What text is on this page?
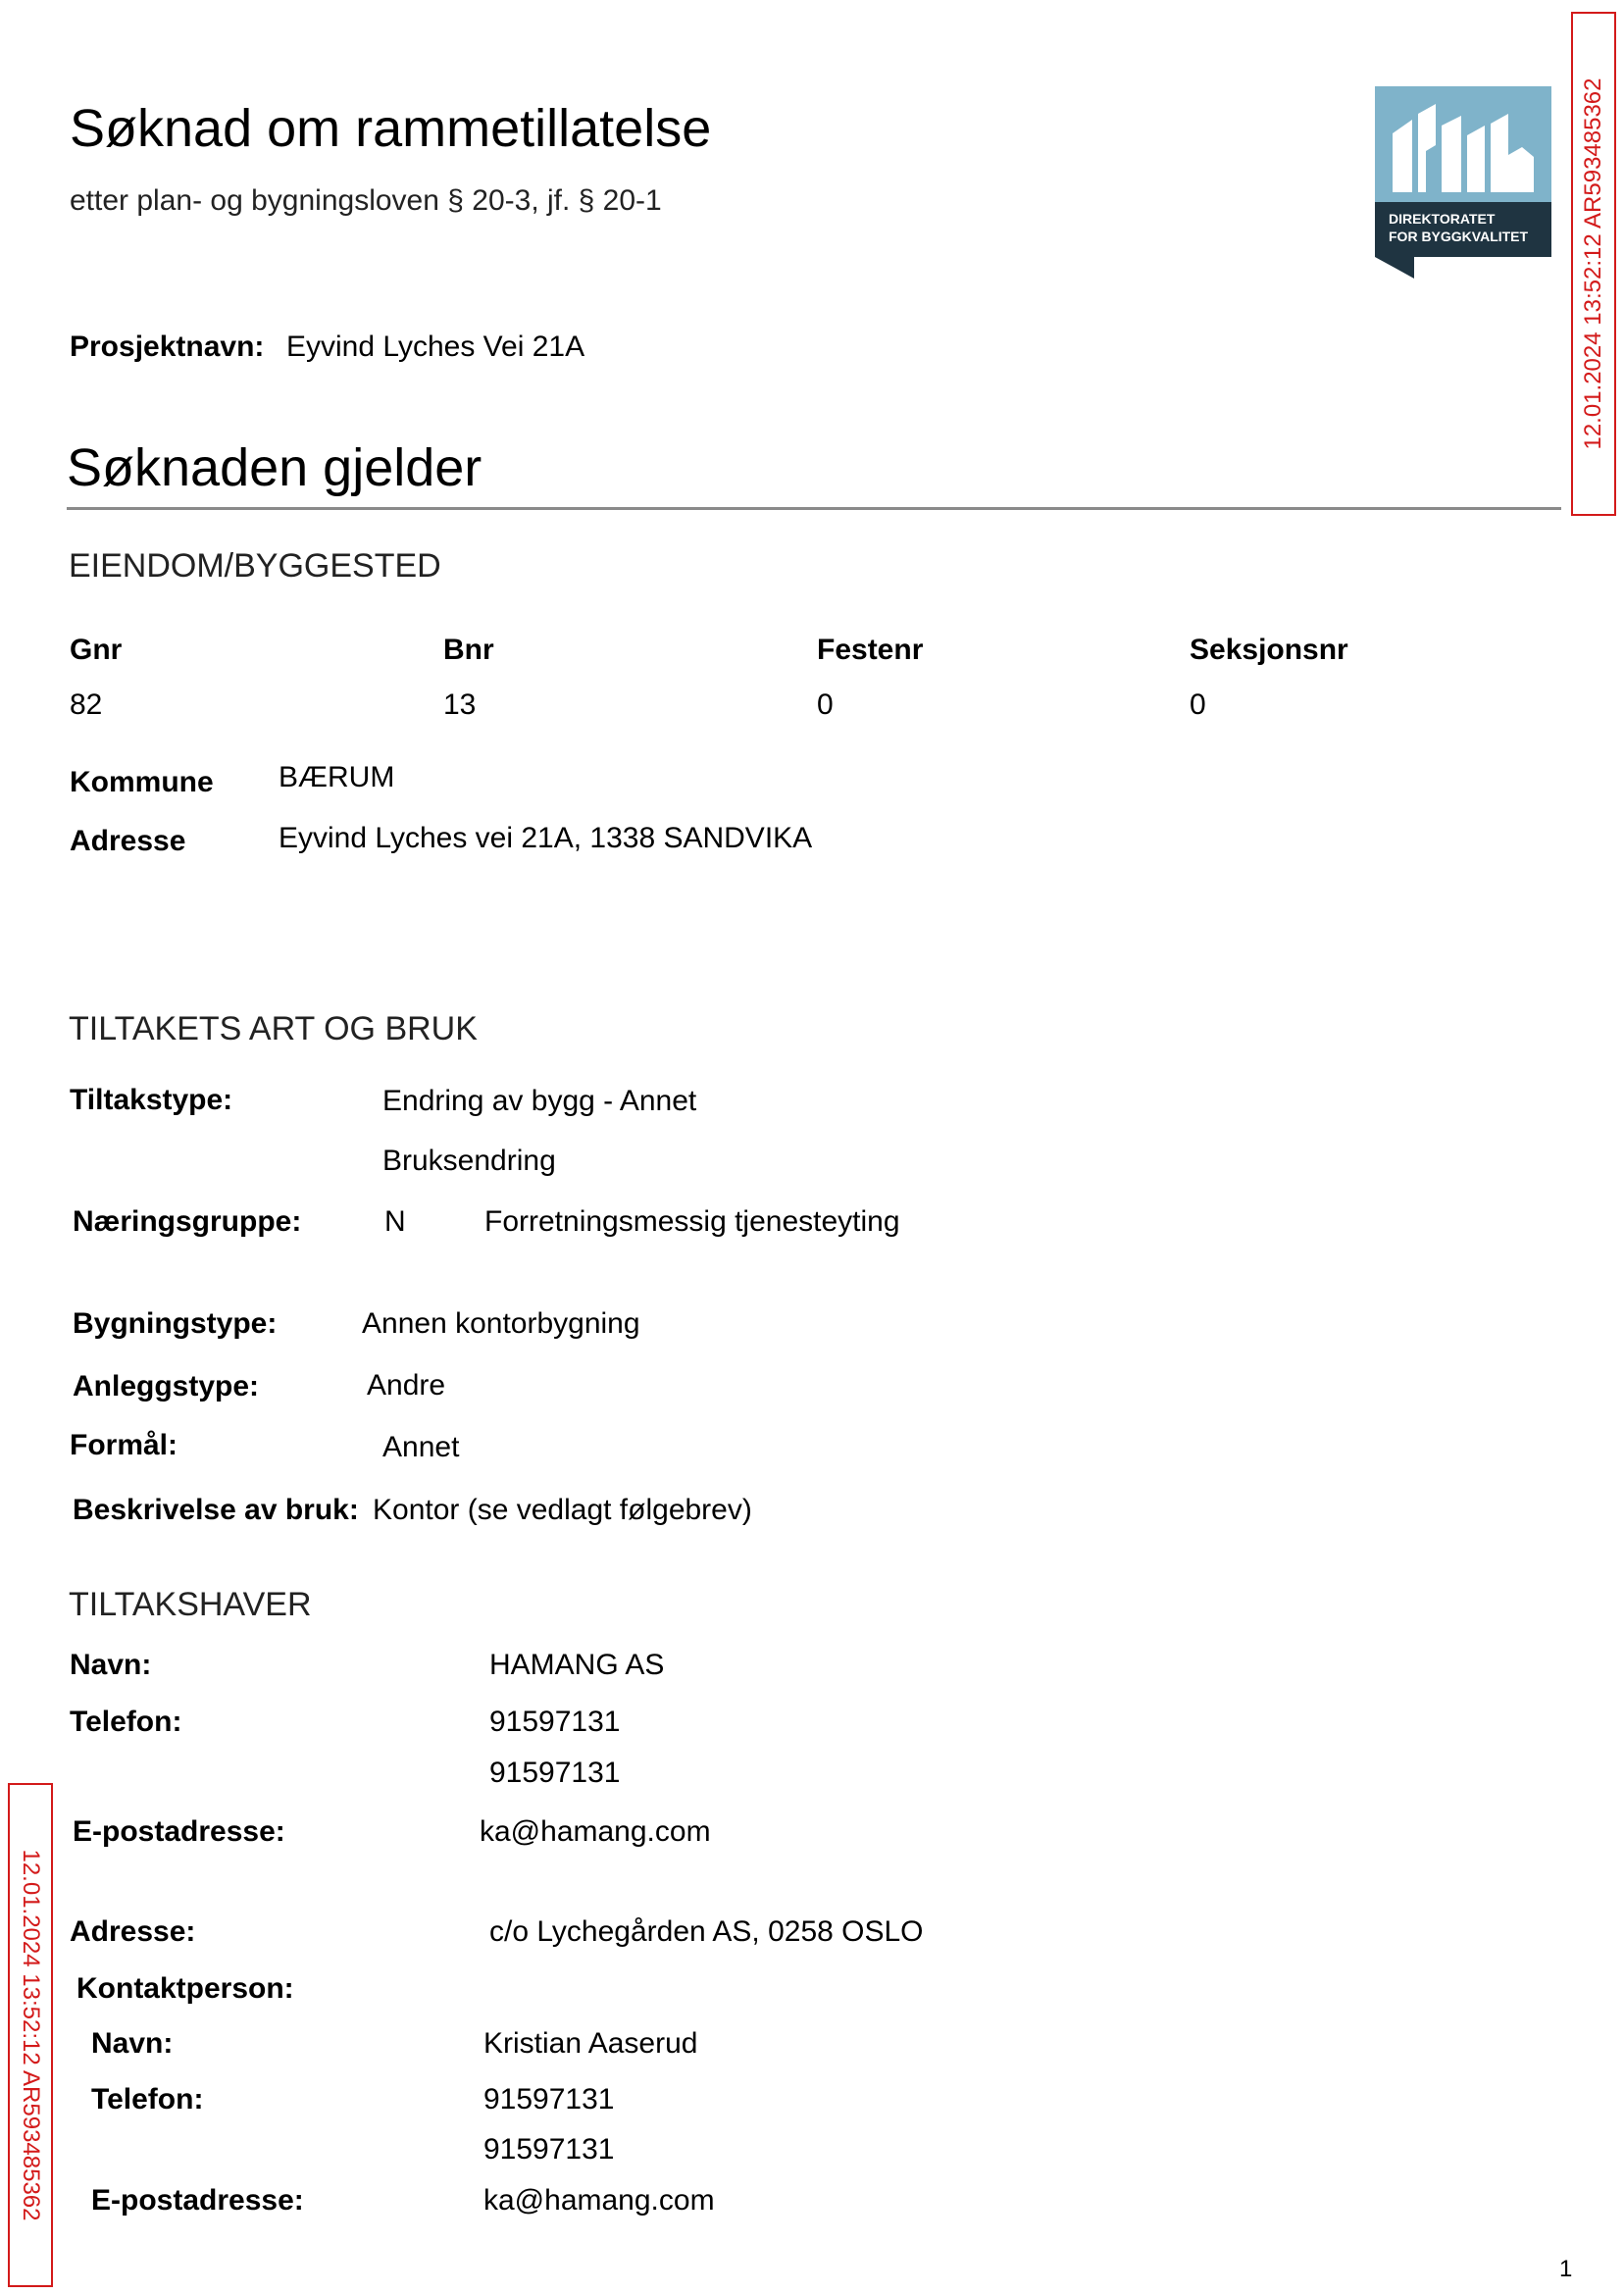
Søknad om rammetillatelse
etter plan- og bygningsloven § 20-3, jf. § 20-1
DIREKTORATET
FOR BYGGKVALITET 12.01.2024 13:52:12 AR593485362
12.01.2024 13:52:12 AR593485362
Prosjektnavn: Eyvind Lyches Vei 21A
Søknaden gjelder
EIENDOM/BYGGESTED
Gnr	Bnr	Festenr	Seksjonsnr
82	13	0	0
Kommune BÆRUM
Adresse	Eyvind Lyches vei 21A, 1338 SANDVIKA
TILTAKETS ART OG BRUK
Tiltakstype:	Endring av bygg - Annet
Bruksendring
Næringsgruppe:	N	Forretningsmessig tjenesteyting
Bygningstype:	Annen kontorbygning
Anleggstype:	Andre
Formål:	Annet
Beskrivelse av bruk: Kontor (se vedlagt følgebrev)
TILTAKSHAVER
Navn:	HAMANG AS
Telefon:	91597131
91597131
E-postadresse:	ka@hamang.com
Adresse:	c/o Lychegården AS, 0258 OSLO
Kontaktperson:
Navn:	Kristian Aaserud
Telefon:	91597131
91597131
E-postadresse:	ka@hamang.com
1
